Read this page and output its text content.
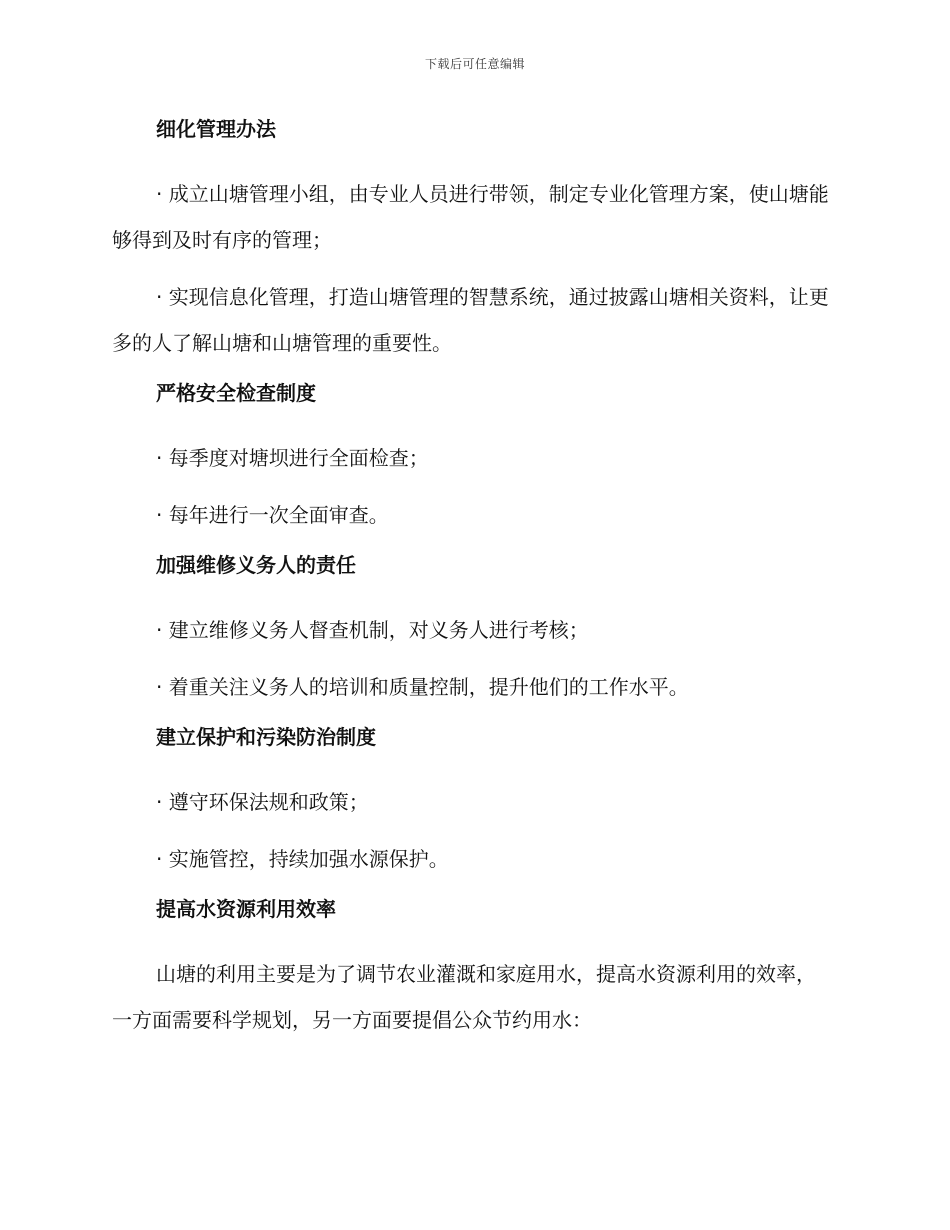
下载后可任意编辑
细化管理办法

· 成立山塘管理小组，由专业人员进行带领，制定专业化管理方案，使山塘能够得到及时有序的管理；

· 实现信息化管理，打造山塘管理的智慧系统，通过披露山塘相关资料，让更多的人了解山塘和山塘管理的重要性。

严格安全检查制度

· 每季度对塘坝进行全面检查；

· 每年进行一次全面审查。

加强维修义务人的责任

· 建立维修义务人督查机制，对义务人进行考核；

· 着重关注义务人的培训和质量控制，提升他们的工作水平。

建立保护和污染防治制度

· 遵守环保法规和政策；

· 实施管控，持续加强水源保护。

提高水资源利用效率

山塘的利用主要是为了调节农业灌溉和家庭用水，提高水资源利用的效率，一方面需要科学规划，另一方面要提倡公众节约用水：
